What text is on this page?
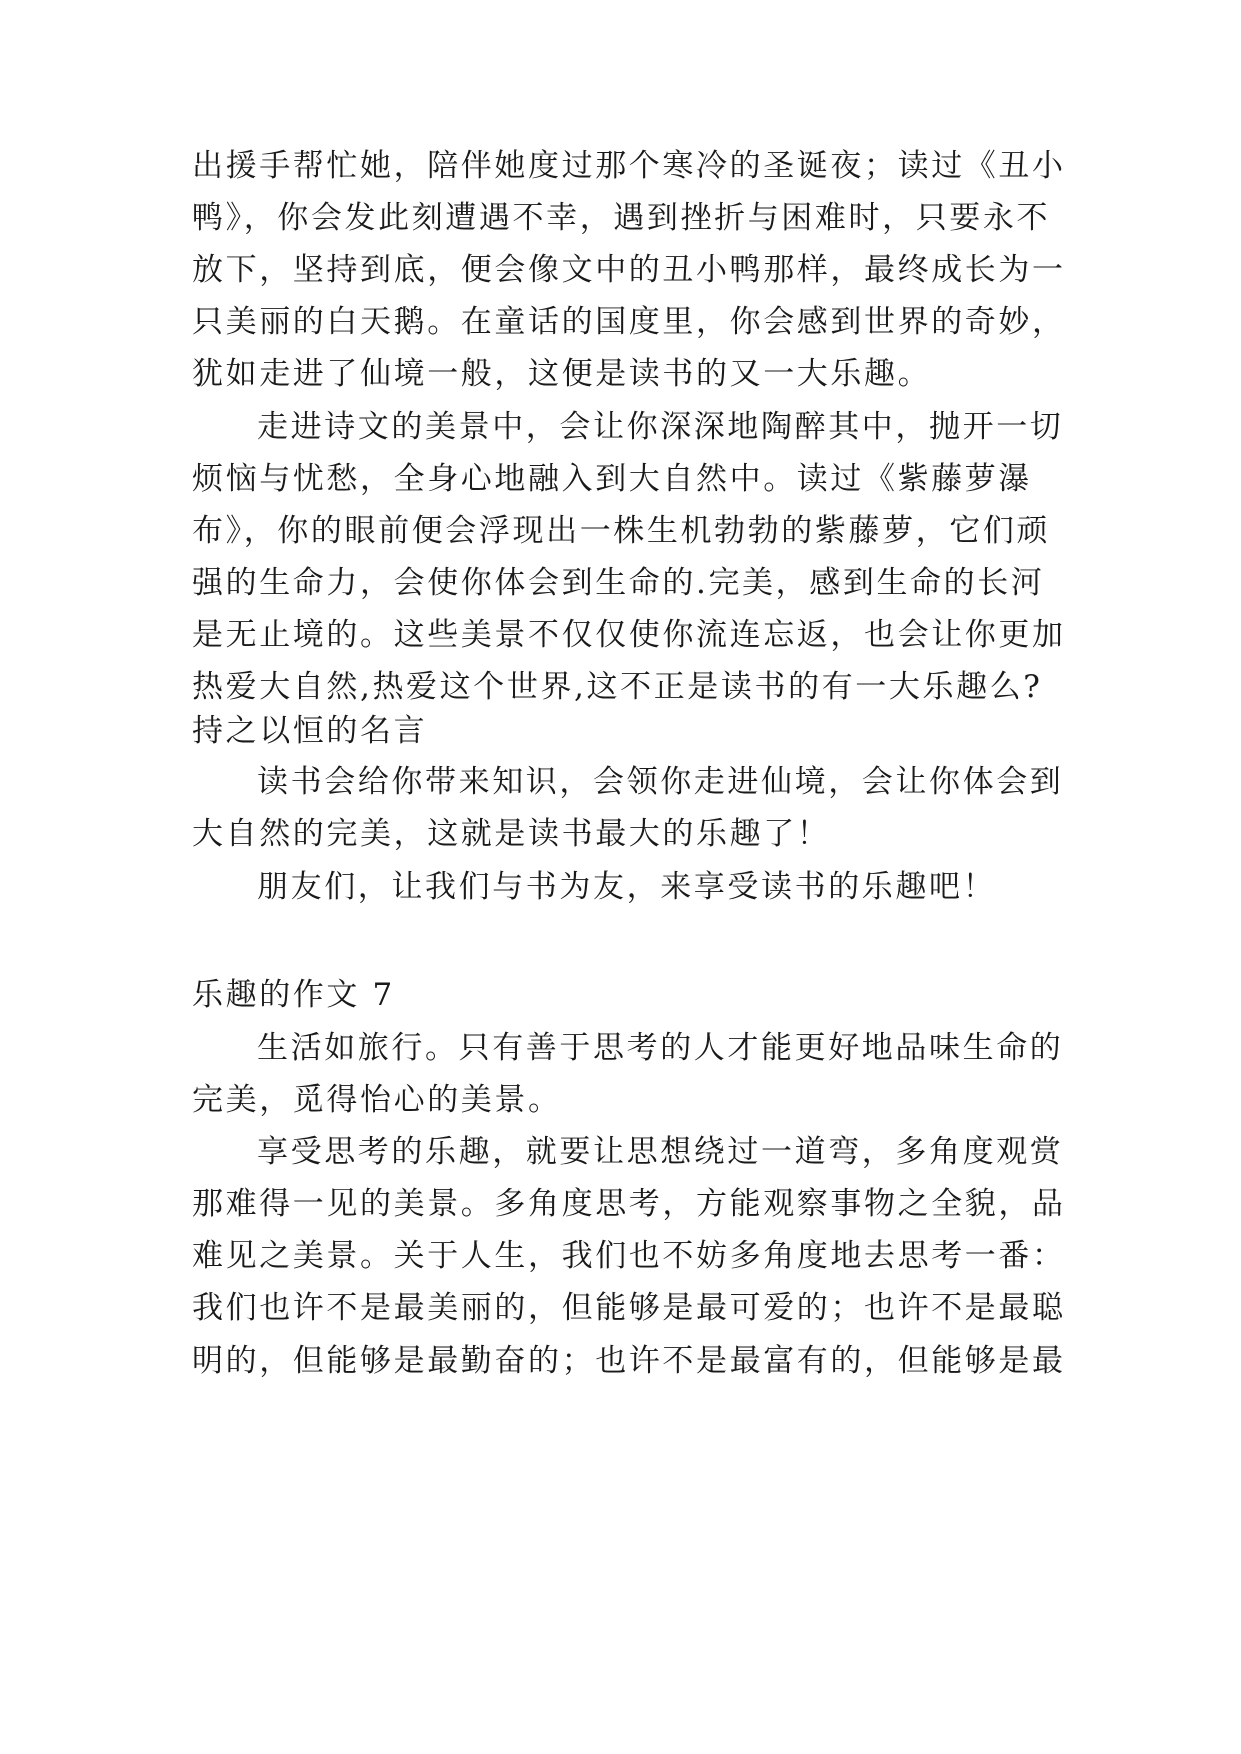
出援手帮忙她，陪伴她度过那个寒冷的圣诞夜；读过《丑小
鸭》，你会发此刻遭遇不幸，遇到挫折与困难时，只要永不
放下，坚持到底，便会像文中的丑小鸭那样，最终成长为一
只美丽的白天鹅。在童话的国度里，你会感到世界的奇妙，
犹如走进了仙境一般，这便是读书的又一大乐趣。
走进诗文的美景中，会让你深深地陶醉其中，抛开一切
烦恼与忧愁，全身心地融入到大自然中。读过《紫藤萝瀑
布》，你的眼前便会浮现出一株生机勃勃的紫藤萝，它们顽
强的生命力，会使你体会到生命的.完美，感到生命的长河
是无止境的。这些美景不仅仅使你流连忘返，也会让你更加
热爱大自然,热爱这个世界,这不正是读书的有一大乐趣么?
持之以恒的名言
读书会给你带来知识，会领你走进仙境，会让你体会到
大自然的完美，这就是读书最大的乐趣了！
朋友们，让我们与书为友，来享受读书的乐趣吧！
乐趣的作文 7
生活如旅行。只有善于思考的人才能更好地品味生命的
完美，觅得怡心的美景。
享受思考的乐趣，就要让思想绕过一道弯，多角度观赏
那难得一见的美景。多角度思考，方能观察事物之全貌，品
难见之美景。关于人生，我们也不妨多角度地去思考一番：
我们也许不是最美丽的，但能够是最可爱的；也许不是最聪
明的，但能够是最勤奋的；也许不是最富有的，但能够是最
